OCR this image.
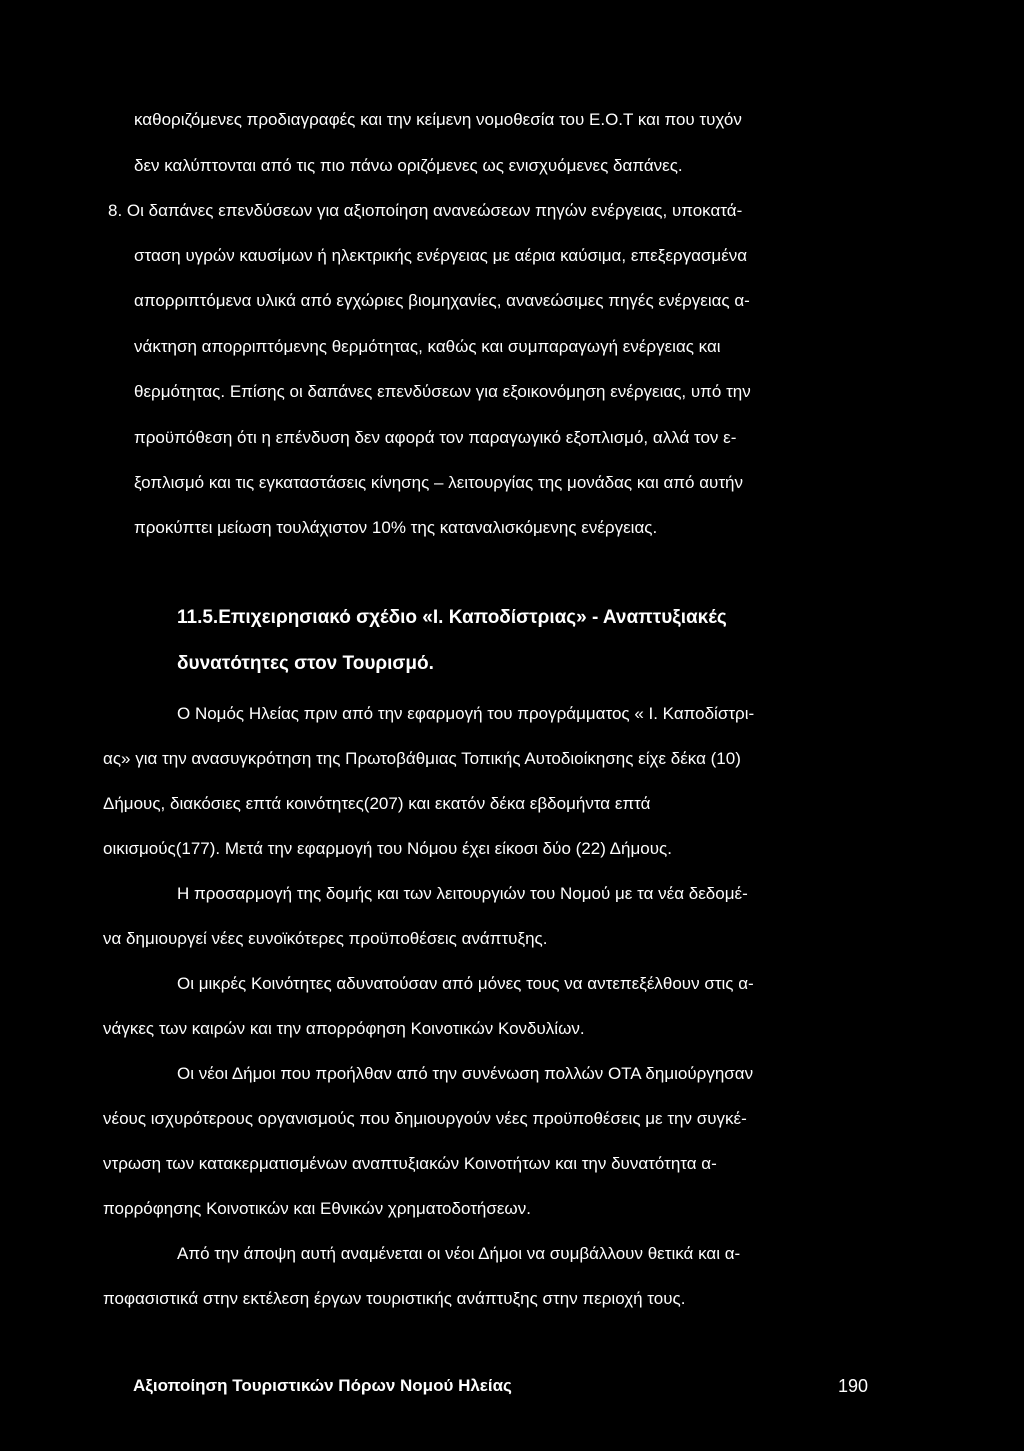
καθοριζόμενες προδιαγραφές και την κείμενη νομοθεσία του Ε.Ο.Τ και που τυχόν
δεν καλύπτονται από τις πιο πάνω οριζόμενες ως ενισχυόμενες δαπάνες.
8. Οι δαπάνες επενδύσεων για αξιοποίηση ανανεώσεων πηγών ενέργειας, υποκατά-
σταση υγρών καυσίμων ή ηλεκτρικής ενέργειας με αέρια καύσιμα, επεξεργασμένα
απορριπτόμενα υλικά από εγχώριες βιομηχανίες, ανανεώσιμες πηγές ενέργειας α-
νάκτηση απορριπτόμενης θερμότητας, καθώς και συμπαραγωγή ενέργειας και
θερμότητας. Επίσης οι δαπάνες επενδύσεων για εξοικονόμηση ενέργειας, υπό την
προϋπόθεση ότι η επένδυση δεν αφορά τον παραγωγικό εξοπλισμό, αλλά τον ε-
ξοπλισμό και τις εγκαταστάσεις κίνησης – λειτουργίας της μονάδας και από αυτήν
προκύπτει μείωση τουλάχιστον 10% της καταναλισκόμενης ενέργειας.
11.5.Επιχειρησιακό σχέδιο «Ι. Καποδίστριας» - Αναπτυξιακές
δυνατότητες στον Τουρισμό.
Ο Νομός Ηλείας πριν από την εφαρμογή του προγράμματος « Ι. Καποδίστρι-
ας» για την ανασυγκρότηση της Πρωτοβάθμιας Τοπικής Αυτοδιοίκησης είχε δέκα (10)
Δήμους, διακόσιες επτά κοινότητες(207) και εκατόν δέκα εβδομήντα επτά
οικισμούς(177). Μετά την εφαρμογή του Νόμου έχει είκοσι δύο (22) Δήμους.
Η προσαρμογή της δομής και των λειτουργιών του Νομού με τα νέα δεδομέ-
να δημιουργεί νέες ευνοϊκότερες προϋποθέσεις ανάπτυξης.
Οι μικρές Κοινότητες αδυνατούσαν από μόνες τους να αντεπεξέλθουν στις α-
νάγκες των καιρών και την απορρόφηση Κοινοτικών Κονδυλίων.
Οι νέοι Δήμοι που προήλθαν από την συνένωση πολλών ΟΤΑ δημιούργησαν
νέους ισχυρότερους οργανισμούς που δημιουργούν νέες προϋποθέσεις με την συγκέ-
ντρωση των κατακερματισμένων αναπτυξιακών Κοινοτήτων και την δυνατότητα α-
πορρόφησης Κοινοτικών και Εθνικών χρηματοδοτήσεων.
Από την άποψη αυτή αναμένεται οι νέοι Δήμοι να συμβάλλουν θετικά και α-
ποφασιστικά στην εκτέλεση έργων τουριστικής ανάπτυξης στην περιοχή τους.
Αξιοποίηση Τουριστικών Πόρων Νομού Ηλείας	190
